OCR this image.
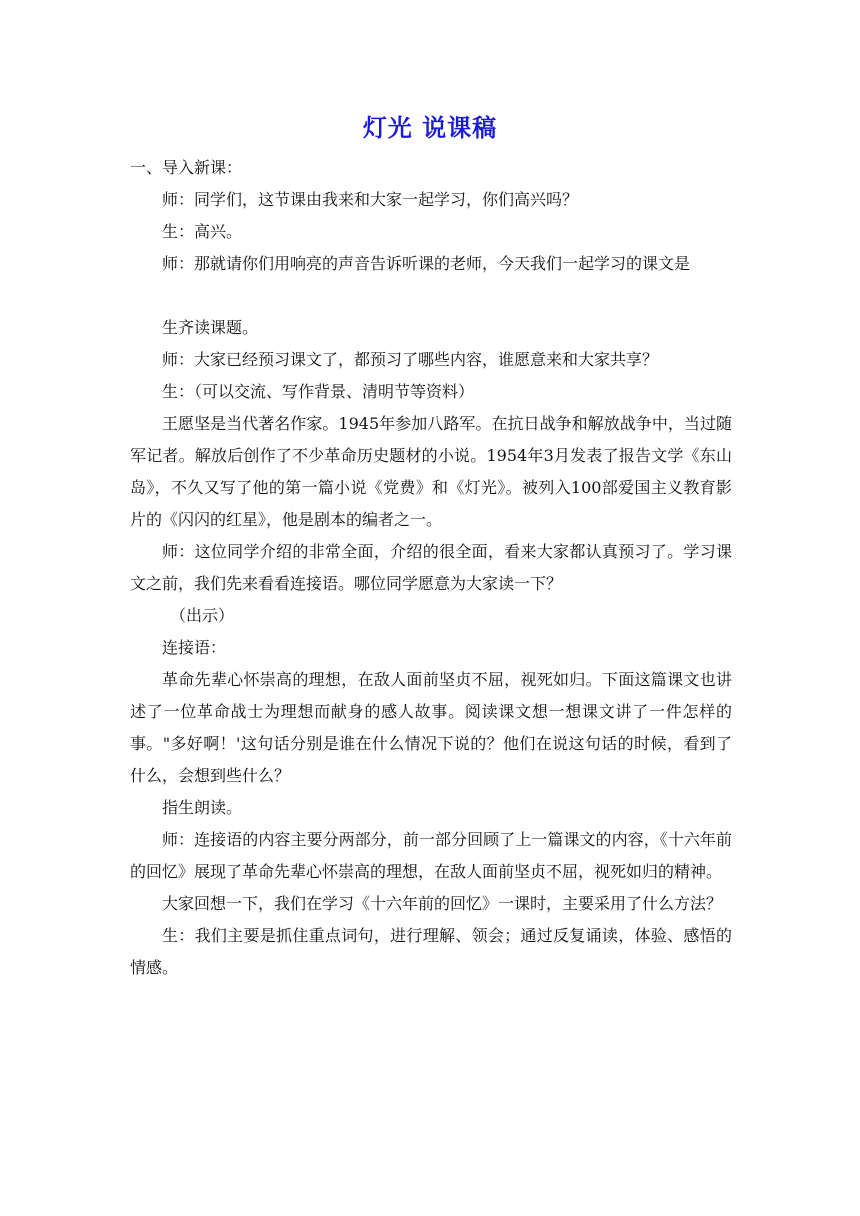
灯光 说课稿

一、导入新课：

师：同学们，这节课由我来和大家一起学习，你们高兴吗？

生：高兴。

师：那就请你们用响亮的声音告诉听课的老师，今天我们一起学习的课文是

生齐读课题。

师：大家已经预习课文了，都预习了哪些内容，谁愿意来和大家共享？

生：（可以交流、写作背景、清明节等资料）

王愿坚是当代著名作家。1945年参加八路军。在抗日战争和解放战争中，当过随军记者。解放后创作了不少革命历史题材的小说。1954年3月发表了报告文学《东山岛》，不久又写了他的第一篇小说《党费》和《灯光》。被列入100部爱国主义教育影片的《闪闪的红星》，他是剧本的编者之一。

师：这位同学介绍的非常全面，介绍的很全面，看来大家都认真预习了。学习课文之前，我们先来看看连接语。哪位同学愿意为大家读一下？

（出示）

连接语：

革命先辈心怀崇高的理想，在敌人面前坚贞不屈，视死如归。下面这篇课文也讲述了一位革命战士为理想而献身的感人故事。阅读课文想一想课文讲了一件怎样的事。"多好啊！'这句话分别是谁在什么情况下说的？他们在说这句话的时候，看到了什么，会想到些什么？

指生朗读。

师：连接语的内容主要分两部分，前一部分回顾了上一篇课文的内容，《十六年前的回忆》展现了革命先辈心怀崇高的理想，在敌人面前坚贞不屈，视死如归的精神。

大家回想一下，我们在学习《十六年前的回忆》一课时，主要采用了什么方法？

生：我们主要是抓住重点词句，进行理解、领会；通过反复诵读，体验、感悟的情感。
